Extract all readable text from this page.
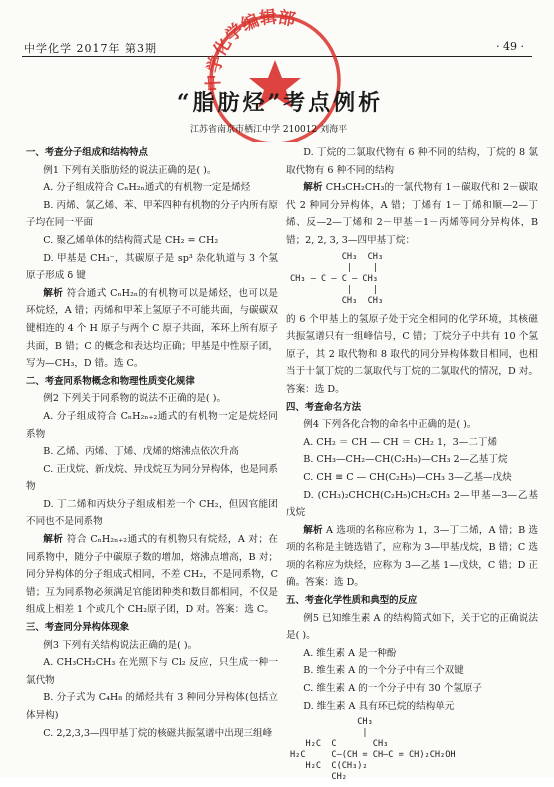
中学化学 2017年 第3期	· 49 ·
中学化学编辑部
“脂肪烃”考点例析
江苏省南京市栖江中学 210012 刘海平

一、考查分子组成和结构特点

例1 下列有关脂肪烃的说法正确的是( )。

A. 分子组成符合 CₙH₂ₙ通式的有机物一定是烯烃

B. 丙烯、氯乙烯、苯、甲苯四种有机物的分子内所有原子均在同一平面

C. 聚乙烯单体的结构简式是 CH₂ = CH₂

D. 甲基是 CH₃⁻，其碳原子是 sp³ 杂化轨道与 3 个氢原子形成 δ 键

解析 符合通式 CₙH₂ₙ的有机物可以是烯烃，也可以是环烷烃，A 错；丙烯和甲苯上氢原子不可能共面，与碳碳双键相连的 4 个 H 原子与两个 C 原子共面，苯环上所有原子共面，B 错；C 的概念和表达均正确；甲基是中性原子团，写为—CH₃，D 错。选 C。

二、考查同系物概念和物理性质变化规律

例2 下列关于同系物的说法不正确的是( )。

A. 分子组成符合 CₙH₂ₙ₊₂通式的有机物一定是烷烃同系物

B. 乙烯、丙烯、丁烯、戊烯的熔沸点依次升高

C. 正戊烷、新戊烷、异戊烷互为同分异构体，也是同系物

D. 丁二烯和丙炔分子组成相差一个 CH₂，但因官能团不同也不是同系物

解析 符合 CₙH₂ₙ₊₂通式的有机物只有烷烃，A 对；在同系物中，随分子中碳原子数的增加，熔沸点增高，B 对；同分异构体的分子组成式相同，不差 CH₂，不是同系物，C 错；互为同系物必须满足官能团种类和数目都相同，不仅是组成上相差 1 个或几个 CH₂原子团，D 对。答案：选 C。

三、考查同分异构体现象

例3 下列有关结构说法正确的是( )。

A. CH₃CH₂CH₃ 在光照下与 Cl₂ 反应，只生成一种一氯代物

B. 分子式为 C₄H₈ 的烯烃共有 3 种同分异构体(包括立体异构)

C. 2,2,3,3—四甲基丁烷的核磁共振氢谱中出现三组峰

D. 丁烷的二氯取代物有 6 种不同的结构，丁烷的 8 氯取代物有 6 种不同的结构

解析 CH₃CH₂CH₃的一氯代物有 1－碳取代和 2－碳取代 2 种同分异构体，A 错；丁烯有 1－丁烯和顺—2—丁烯、反—2—丁烯和 2－甲基－1－丙烯等同分异构体，B 错；2, 2, 3, 3—四甲基丁烷：

CH₃  CH₃
|    |
CH₃ — C — C — CH₃
|    |
CH₃  CH₃

的 6 个甲基上的氢原子处于完全相同的化学环境，其核磁共振氢谱只有一组峰信号，C 错；丁烷分子中共有 10 个氢原子，其 2 取代物和 8 取代的同分异构体数目相同，也相当于十氯丁烷的二氯取代与丁烷的二氯取代的情况，D 对。答案：选 D。

四、考查命名方法

例4 下列各化合物的命名中正确的是( )。

A. CH₂ ＝ CH — CH ＝ CH₂ 1，3—二丁烯

B. CH₃—CH₂—CH(C₂H₅)—CH₃ 2—乙基丁烷

C. CH ≡ C — CH(C₂H₅)—CH₃ 3—乙基—戊炔

D. (CH₃)₂CHCH(C₂H₅)CH₂CH₃ 2—甲基—3—乙基戊烷

解析 A 选项的名称应称为 1，3—丁二烯，A 错；B 选项的名称是主链选错了，应称为 3—甲基戊烷，B 错；C 选项的名称应为炔烃，应称为 3—乙基 1—戊炔，C 错；D 正确。答案：选 D。

五、考查化学性质和典型的反应

例5 已知维生素 A 的结构简式如下，关于它的正确说法是( )。

A. 维生素 A 是一种酚

B. 维生素 A 的一个分子中有三个双键

C. 维生素 A 的一个分子中有 30 个氢原子

D. 维生素 A 具有环已烷的结构单元

CH₃
|
H₂C  C       CH₃
H₂C     C—(CH = CH—C = CH)₂CH₂OH
H₂C  C(CH₃)₂
CH₂
